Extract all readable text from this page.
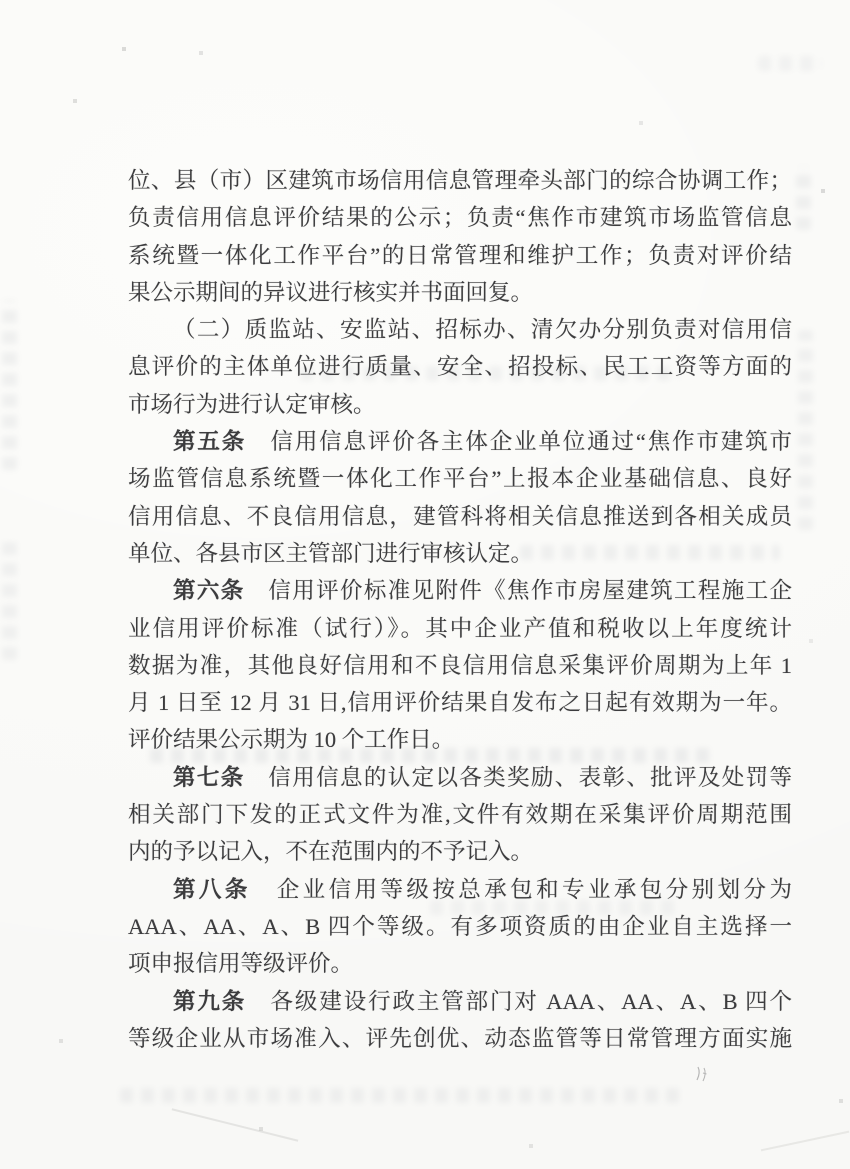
位、县（市）区建筑市场信用信息管理牵头部门的综合协调工作；
负责信用信息评价结果的公示；负责“焦作市建筑市场监管信息
系统暨一体化工作平台”的日常管理和维护工作；负责对评价结
果公示期间的异议进行核实并书面回复。
（二）质监站、安监站、招标办、清欠办分别负责对信用信
息评价的主体单位进行质量、安全、招投标、民工工资等方面的
市场行为进行认定审核。
第五条　信用信息评价各主体企业单位通过“焦作市建筑市
场监管信息系统暨一体化工作平台”上报本企业基础信息、良好
信用信息、不良信用信息，建管科将相关信息推送到各相关成员
单位、各县市区主管部门进行审核认定。
第六条　信用评价标准见附件《焦作市房屋建筑工程施工企
业信用评价标准（试行）》。其中企业产值和税收以上年度统计
数据为准，其他良好信用和不良信用信息采集评价周期为上年 1
月 1 日至 12 月 31 日,信用评价结果自发布之日起有效期为一年。
评价结果公示期为 10 个工作日。
第七条　信用信息的认定以各类奖励、表彰、批评及处罚等
相关部门下发的正式文件为准,文件有效期在采集评价周期范围
内的予以记入，不在范围内的不予记入。
第八条　企业信用等级按总承包和专业承包分别划分为
AAA、AA、A、B 四个等级。有多项资质的由企业自主选择一
项申报信用等级评价。
第九条　各级建设行政主管部门对 AAA、AA、A、B 四个
等级企业从市场准入、评先创优、动态监管等日常管理方面实施
